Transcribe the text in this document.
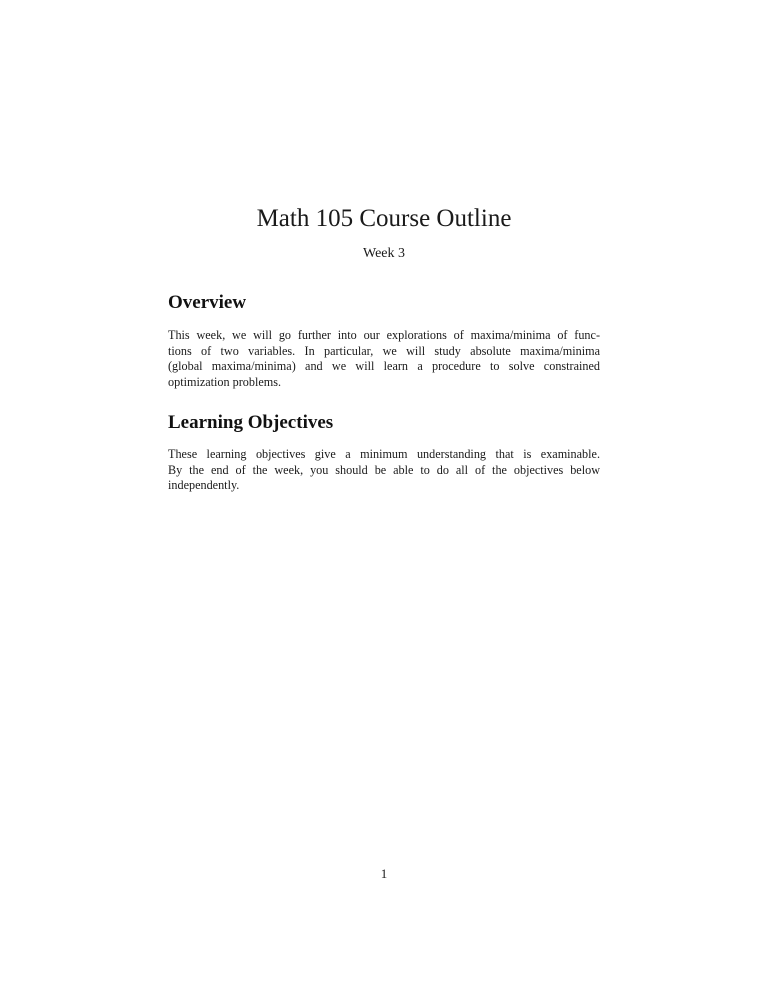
Math 105 Course Outline
Week 3
Overview
This week, we will go further into our explorations of maxima/minima of func-
tions of two variables. In particular, we will study absolute maxima/minima
(global maxima/minima) and we will learn a procedure to solve constrained
optimization problems.
Learning Objectives
These learning objectives give a minimum understanding that is examinable.
By the end of the week, you should be able to do all of the objectives below
independently.
1
